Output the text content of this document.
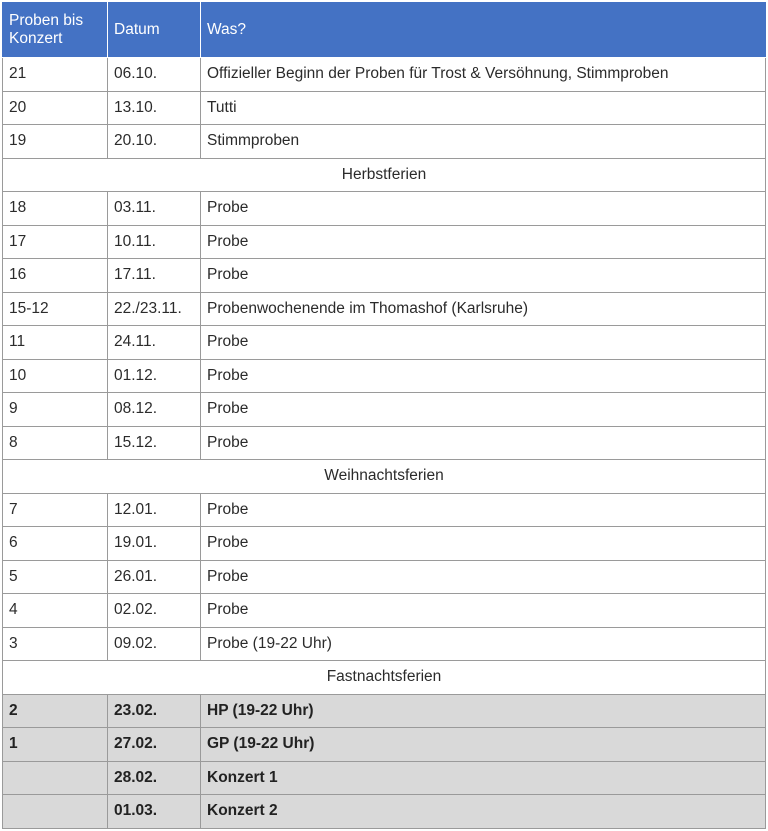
Proben bis Konzert	Datum	Was?
21	06.10.	Offizieller Beginn der Proben für Trost & Versöhnung, Stimmproben
20	13.10.	Tutti
19	20.10.	Stimmproben
Herbstferien		
18	03.11.	Probe
17	10.11.	Probe
16	17.11.	Probe
15-12	22./23.11.	Probenwochenende im Thomashof (Karlsruhe)
11	24.11.	Probe
10	01.12.	Probe
9	08.12.	Probe
8	15.12.	Probe
Weihnachtsferien		
7	12.01.	Probe
6	19.01.	Probe
5	26.01.	Probe
4	02.02.	Probe
3	09.02.	Probe (19-22 Uhr)
Fastnachtsferien		
2	23.02.	HP (19-22 Uhr)
1	27.02.	GP (19-22 Uhr)
	28.02.	Konzert 1
	01.03.	Konzert 2
